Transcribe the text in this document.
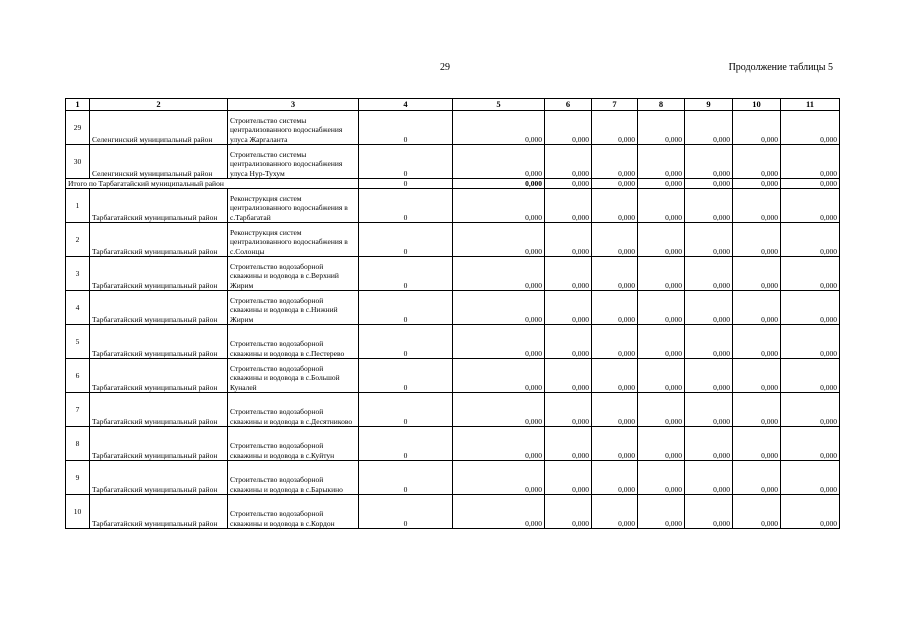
29	Продолжение таблицы 5
1	2	3	4	5	6	7	8	9	10	11
29	Селенгинский муниципальный район	Строительство системы централизованного водоснабжения улуса Жаргаланта	0	0,000	0,000	0,000	0,000	0,000	0,000	0,000
30	Селенгинский муниципальный район	Строительство системы централизованного водоснабжения улуса Нур-Тухум	0	0,000	0,000	0,000	0,000	0,000	0,000	0,000
Итого по Тарбагатайский муниципальный район			0	0,000	0,000	0,000	0,000	0,000	0,000	0,000
1	Тарбагатайский муниципальный район	Реконструкция систем централизованного водоснабжения в с.Тарбагатай	0	0,000	0,000	0,000	0,000	0,000	0,000	0,000
2	Тарбагатайский муниципальный район	Реконструкция систем централизованного водоснабжения в с.Солонцы	0	0,000	0,000	0,000	0,000	0,000	0,000	0,000
3	Тарбагатайский муниципальный район	Строительство водозаборной скважины и водовода в с.Верхний Жирим	0	0,000	0,000	0,000	0,000	0,000	0,000	0,000
4	Тарбагатайский муниципальный район	Строительство водозаборной скважины и водовода в с.Нижний Жирим	0	0,000	0,000	0,000	0,000	0,000	0,000	0,000
5	Тарбагатайский муниципальный район	Строительство водозаборной скважины и водовода в с.Пестерево	0	0,000	0,000	0,000	0,000	0,000	0,000	0,000
6	Тарбагатайский муниципальный район	Строительство водозаборной скважины и водовода в с.Большой Куналей	0	0,000	0,000	0,000	0,000	0,000	0,000	0,000
7	Тарбагатайский муниципальный район	Строительство водозаборной скважины и водовода в с.Десятниково	0	0,000	0,000	0,000	0,000	0,000	0,000	0,000
8	Тарбагатайский муниципальный район	Строительство водозаборной скважины и водовода в с.Куйтун	0	0,000	0,000	0,000	0,000	0,000	0,000	0,000
9	Тарбагатайский муниципальный район	Строительство водозаборной скважины и водовода в с.Барыкино	0	0,000	0,000	0,000	0,000	0,000	0,000	0,000
10	Тарбагатайский муниципальный район	Строительство водозаборной скважины и водовода в с.Кордон	0	0,000	0,000	0,000	0,000	0,000	0,000	0,000
